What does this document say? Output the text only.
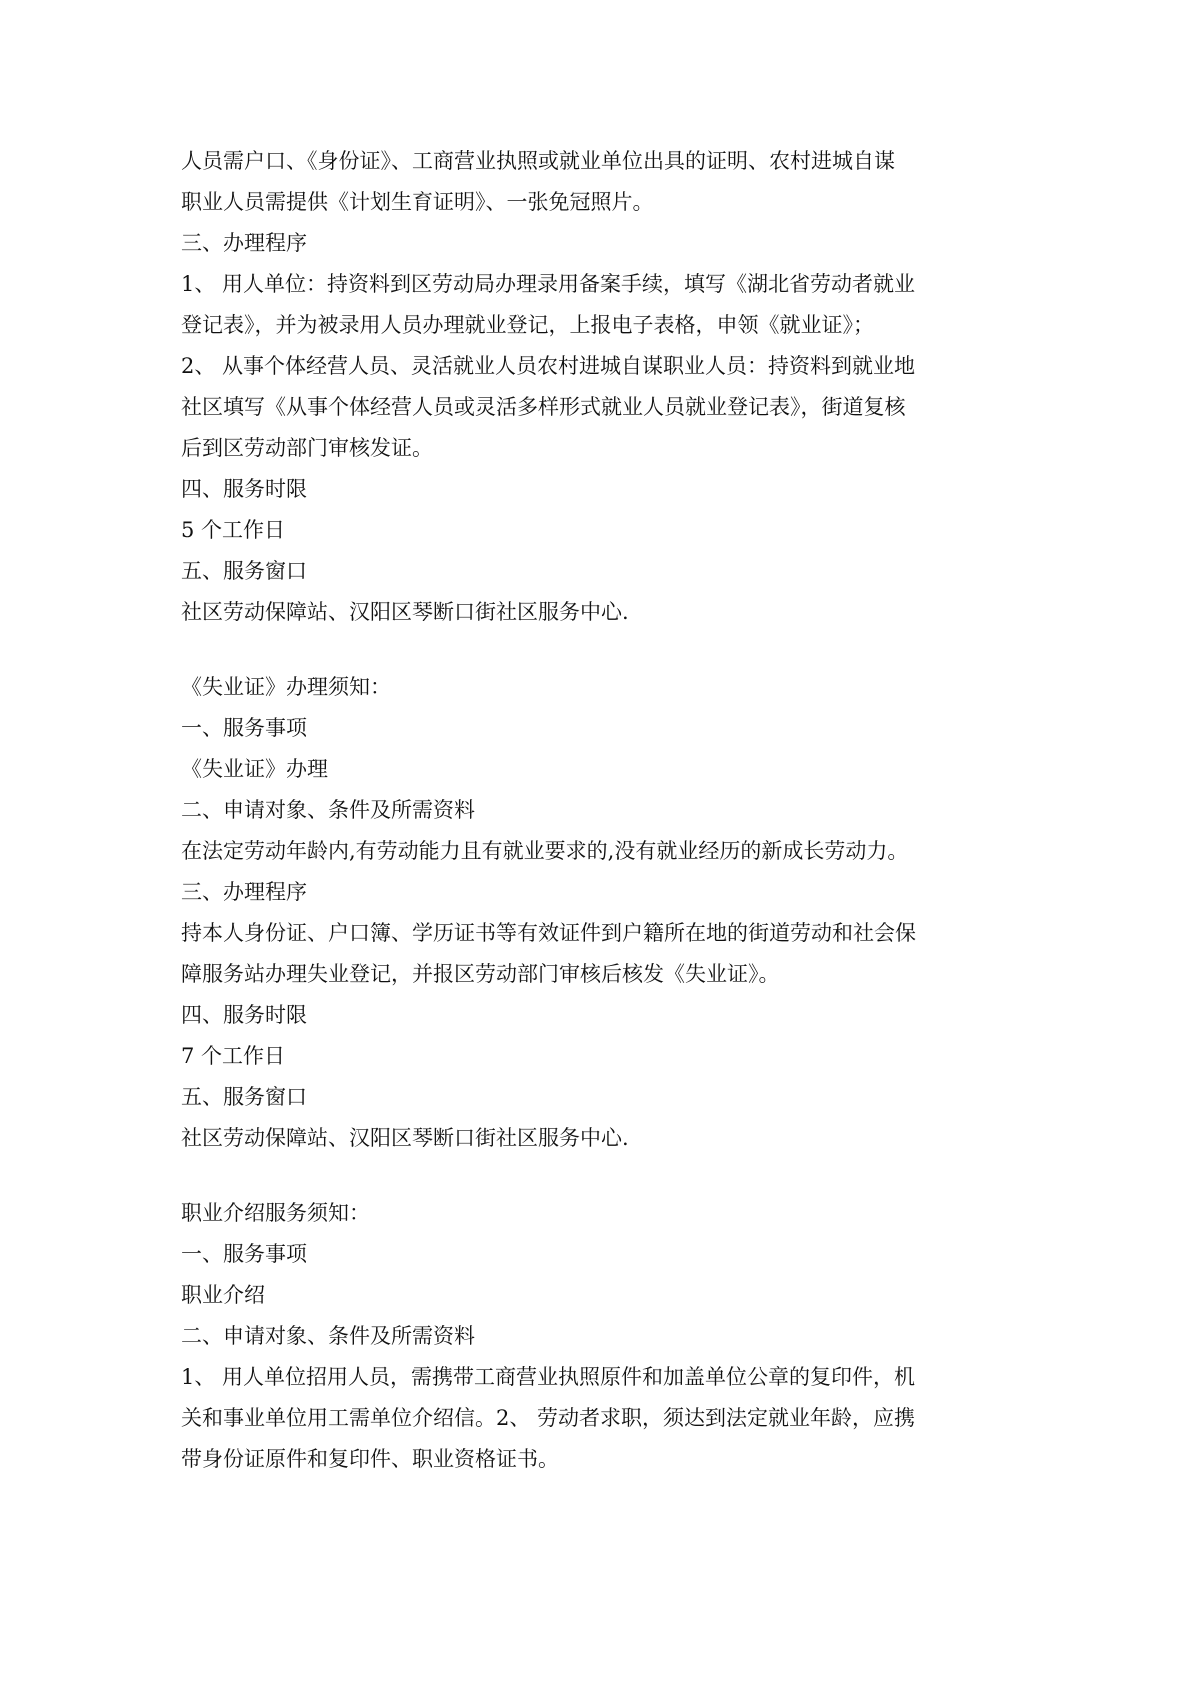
人员需户口、《身份证》、工商营业执照或就业单位出具的证明、农村进城自谋
职业人员需提供《计划生育证明》、一张免冠照片。
三、办理程序
1、 用人单位：持资料到区劳动局办理录用备案手续，填写《湖北省劳动者就业
登记表》，并为被录用人员办理就业登记，上报电子表格，申领《就业证》；
2、 从事个体经营人员、灵活就业人员农村进城自谋职业人员：持资料到就业地
社区填写《从事个体经营人员或灵活多样形式就业人员就业登记表》，街道复核
后到区劳动部门审核发证。
四、服务时限
5 个工作日
五、服务窗口
社区劳动保障站、汉阳区琴断口街社区服务中心.
《失业证》办理须知：
一、服务事项
《失业证》办理
二、申请对象、条件及所需资料
在法定劳动年龄内,有劳动能力且有就业要求的,没有就业经历的新成长劳动力。
三、办理程序
持本人身份证、户口簿、学历证书等有效证件到户籍所在地的街道劳动和社会保
障服务站办理失业登记，并报区劳动部门审核后核发《失业证》。
四、服务时限
7 个工作日
五、服务窗口
社区劳动保障站、汉阳区琴断口街社区服务中心.
职业介绍服务须知：
一、服务事项
职业介绍
二、申请对象、条件及所需资料
1、 用人单位招用人员，需携带工商营业执照原件和加盖单位公章的复印件，机
关和事业单位用工需单位介绍信。2、 劳动者求职，须达到法定就业年龄，应携
带身份证原件和复印件、职业资格证书。
